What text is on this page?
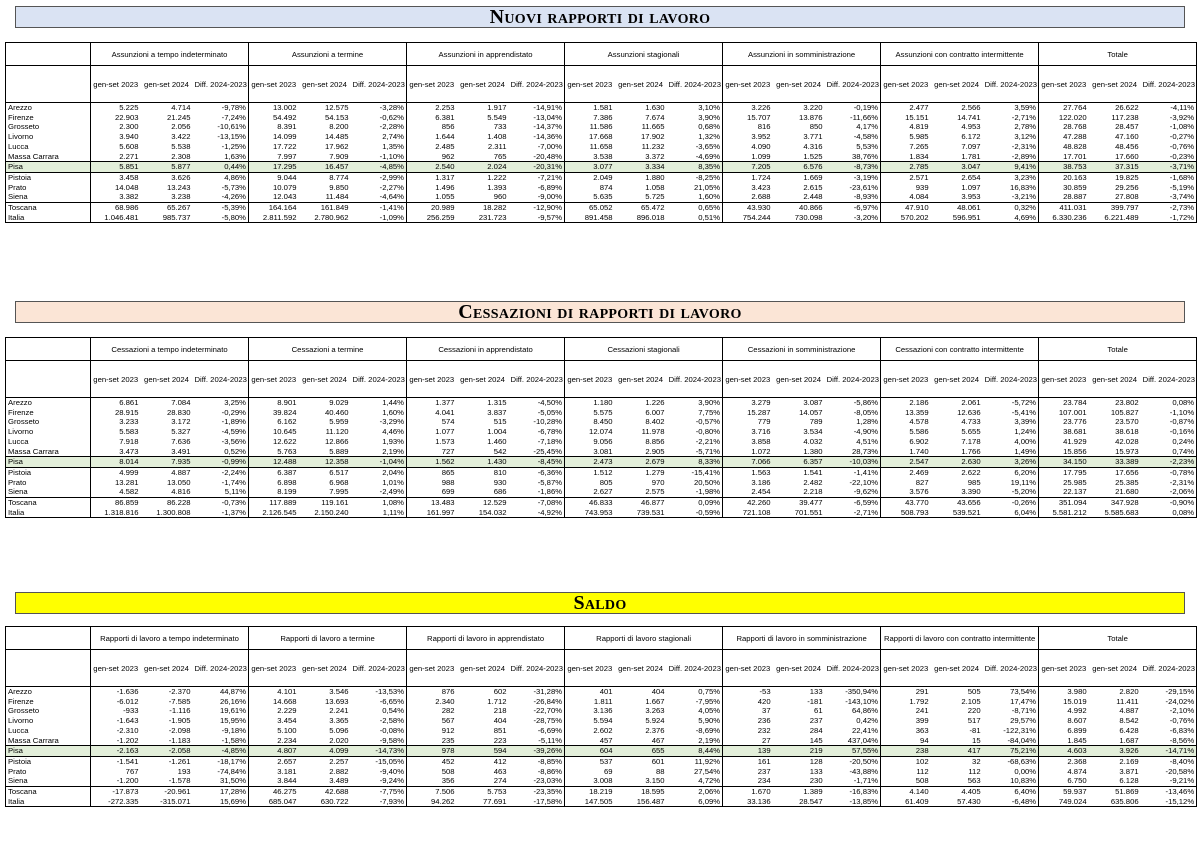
Nuovi rapporti di lavoro
	Assunzioni a tempo indeterminato			Assunzioni a termine			Assunzioni in apprendistato			Assunzioni stagionali			Assunzioni in somministrazione			Assunzioni con contratto intermittente			Totale		
	gen-set 2023	gen-set 2024	Diff. 2024-2023	gen-set 2023	gen-set 2024	Diff. 2024-2023	gen-set 2023	gen-set 2024	Diff. 2024-2023	gen-set 2023	gen-set 2024	Diff. 2024-2023	gen-set 2023	gen-set 2024	Diff. 2024-2023	gen-set 2023	gen-set 2024	Diff. 2024-2023	gen-set 2023	gen-set 2024	Diff. 2024-2023
Arezzo	5.225	4.714	-9,78%	13.002	12.575	-3,28%	2.253	1.917	-14,91%	1.581	1.630	3,10%	3.226	3.220	-0,19%	2.477	2.566	3,59%	27.764	26.622	-4,11%
Firenze	22.903	21.245	-7,24%	54.492	54.153	-0,62%	6.381	5.549	-13,04%	7.386	7.674	3,90%	15.707	13.876	-11,66%	15.151	14.741	-2,71%	122.020	117.238	-3,92%
Grosseto	2.300	2.056	-10,61%	8.391	8.200	-2,28%	856	733	-14,37%	11.586	11.665	0,68%	816	850	4,17%	4.819	4.953	2,78%	28.768	28.457	-1,08%
Livorno	3.940	3.422	-13,15%	14.099	14.485	2,74%	1.644	1.408	-14,36%	17.668	17.902	1,32%	3.952	3.771	-4,58%	5.985	6.172	3,12%	47.288	47.160	-0,27%
Lucca	5.608	5.538	-1,25%	17.722	17.962	1,35%	2.485	2.311	-7,00%	11.658	11.232	-3,65%	4.090	4.316	5,53%	7.265	7.097	-2,31%	48.828	48.456	-0,76%
Massa Carrara	2.271	2.308	1,63%	7.997	7.909	-1,10%	962	765	-20,48%	3.538	3.372	-4,69%	1.099	1.525	38,76%	1.834	1.781	-2,89%	17.701	17.660	-0,23%
Pisa	5.851	5.877	0,44%	17.295	16.457	-4,85%	2.540	2.024	-20,31%	3.077	3.334	8,35%	7.205	6.576	-8,73%	2.785	3.047	9,41%	38.753	37.315	-3,71%
Pistoia	3.458	3.626	4,86%	9.044	8.774	-2,99%	1.317	1.222	-7,21%	2.049	1.880	-8,25%	1.724	1.669	-3,19%	2.571	2.654	3,23%	20.163	19.825	-1,68%
Prato	14.048	13.243	-5,73%	10.079	9.850	-2,27%	1.496	1.393	-6,89%	874	1.058	21,05%	3.423	2.615	-23,61%	939	1.097	16,83%	30.859	29.256	-5,19%
Siena	3.382	3.238	-4,26%	12.043	11.484	-4,64%	1.055	960	-9,00%	5.635	5.725	1,60%	2.688	2.448	-8,93%	4.084	3.953	-3,21%	28.887	27.808	-3,74%
Toscana	68.986	65.267	-5,39%	164.164	161.849	-1,41%	20.989	18.282	-12,90%	65.052	65.472	0,65%	43.930	40.866	-6,97%	47.910	48.061	0,32%	411.031	399.797	-2,73%
Italia	1.046.481	985.737	-5,80%	2.811.592	2.780.962	-1,09%	256.259	231.723	-9,57%	891.458	896.018	0,51%	754.244	730.098	-3,20%	570.202	596.951	4,69%	6.330.236	6.221.489	-1,72%
Cessazioni di rapporti di lavoro
	Cessazioni a tempo indeterminato			Cessazioni a termine			Cessazioni in apprendistato			Cessazioni stagionali			Cessazioni in somministrazione			Cessazioni con contratto intermittente			Totale		
	gen-set 2023	gen-set 2024	Diff. 2024-2023	gen-set 2023	gen-set 2024	Diff. 2024-2023	gen-set 2023	gen-set 2024	Diff. 2024-2023	gen-set 2023	gen-set 2024	Diff. 2024-2023	gen-set 2023	gen-set 2024	Diff. 2024-2023	gen-set 2023	gen-set 2024	Diff. 2024-2023	gen-set 2023	gen-set 2024	Diff. 2024-2023
Arezzo	6.861	7.084	3,25%	8.901	9.029	1,44%	1.377	1.315	-4,50%	1.180	1.226	3,90%	3.279	3.087	-5,86%	2.186	2.061	-5,72%	23.784	23.802	0,08%
Firenze	28.915	28.830	-0,29%	39.824	40.460	1,60%	4.041	3.837	-5,05%	5.575	6.007	7,75%	15.287	14.057	-8,05%	13.359	12.636	-5,41%	107.001	105.827	-1,10%
Grosseto	3.233	3.172	-1,89%	6.162	5.959	-3,29%	574	515	-10,28%	8.450	8.402	-0,57%	779	789	1,28%	4.578	4.733	3,39%	23.776	23.570	-0,87%
Livorno	5.583	5.327	-4,59%	10.645	11.120	4,46%	1.077	1.004	-6,78%	12.074	11.978	-0,80%	3.716	3.534	-4,90%	5.586	5.655	1,24%	38.681	38.618	-0,16%
Lucca	7.918	7.636	-3,56%	12.622	12.866	1,93%	1.573	1.460	-7,18%	9.056	8.856	-2,21%	3.858	4.032	4,51%	6.902	7.178	4,00%	41.929	42.028	0,24%
Massa Carrara	3.473	3.491	0,52%	5.763	5.889	2,19%	727	542	-25,45%	3.081	2.905	-5,71%	1.072	1.380	28,73%	1.740	1.766	1,49%	15.856	15.973	0,74%
Pisa	8.014	7.935	-0,99%	12.488	12.358	-1,04%	1.562	1.430	-8,45%	2.473	2.679	8,33%	7.066	6.357	-10,03%	2.547	2.630	3,26%	34.150	33.389	-2,23%
Pistoia	4.999	4.887	-2,24%	6.387	6.517	2,04%	865	810	-6,36%	1.512	1.279	-15,41%	1.563	1.541	-1,41%	2.469	2.622	6,20%	17.795	17.656	-0,78%
Prato	13.281	13.050	-1,74%	6.898	6.968	1,01%	988	930	-5,87%	805	970	20,50%	3.186	2.482	-22,10%	827	985	19,11%	25.985	25.385	-2,31%
Siena	4.582	4.816	5,11%	8.199	7.995	-2,49%	699	686	-1,86%	2.627	2.575	-1,98%	2.454	2.218	-9,62%	3.576	3.390	-5,20%	22.137	21.680	-2,06%
Toscana	86.859	86.228	-0,73%	117.889	119.161	1,08%	13.483	12.529	-7,08%	46.833	46.877	0,09%	42.260	39.477	-6,59%	43.770	43.656	-0,26%	351.094	347.928	-0,90%
Italia	1.318.816	1.300.808	-1,37%	2.126.545	2.150.240	1,11%	161.997	154.032	-4,92%	743.953	739.531	-0,59%	721.108	701.551	-2,71%	508.793	539.521	6,04%	5.581.212	5.585.683	0,08%
Saldo
	Rapporti di lavoro a tempo indeterminato			Rapporti di lavoro a termine			Rapporti di lavoro in apprendistato			Rapporti di lavoro stagionali			Rapporti di lavoro in somministrazione			Rapporti di lavoro con contratto intermittente			Totale		
	gen-set 2023	gen-set 2024	Diff. 2024-2023	gen-set 2023	gen-set 2024	Diff. 2024-2023	gen-set 2023	gen-set 2024	Diff. 2024-2023	gen-set 2023	gen-set 2024	Diff. 2024-2023	gen-set 2023	gen-set 2024	Diff. 2024-2023	gen-set 2023	gen-set 2024	Diff. 2024-2023	gen-set 2023	gen-set 2024	Diff. 2024-2023
Arezzo	-1.636	-2.370	44,87%	4.101	3.546	-13,53%	876	602	-31,28%	401	404	0,75%	-53	133	-350,94%	291	505	73,54%	3.980	2.820	-29,15%
Firenze	-6.012	-7.585	26,16%	14.668	13.693	-6,65%	2.340	1.712	-26,84%	1.811	1.667	-7,95%	420	-181	-143,10%	1.792	2.105	17,47%	15.019	11.411	-24,02%
Grosseto	-933	-1.116	19,61%	2.229	2.241	0,54%	282	218	-22,70%	3.136	3.263	4,05%	37	61	64,86%	241	220	-8,71%	4.992	4.887	-2,10%
Livorno	-1.643	-1.905	15,95%	3.454	3.365	-2,58%	567	404	-28,75%	5.594	5.924	5,90%	236	237	0,42%	399	517	29,57%	8.607	8.542	-0,76%
Lucca	-2.310	-2.098	-9,18%	5.100	5.096	-0,08%	912	851	-6,69%	2.602	2.376	-8,69%	232	284	22,41%	363	-81	-122,31%	6.899	6.428	-6,83%
Massa Carrara	-1.202	-1.183	-1,58%	2.234	2.020	-9,58%	235	223	-5,11%	457	467	2,19%	27	145	437,04%	94	15	-84,04%	1.845	1.687	-8,56%
Pisa	-2.163	-2.058	-4,85%	4.807	4.099	-14,73%	978	594	-39,26%	604	655	8,44%	139	219	57,55%	238	417	75,21%	4.603	3.926	-14,71%
Pistoia	-1.541	-1.261	-18,17%	2.657	2.257	-15,05%	452	412	-8,85%	537	601	11,92%	161	128	-20,50%	102	32	-68,63%	2.368	2.169	-8,40%
Prato	767	193	-74,84%	3.181	2.882	-9,40%	508	463	-8,86%	69	88	27,54%	237	133	-43,88%	112	112	0,00%	4.874	3.871	-20,58%
Siena	-1.200	-1.578	31,50%	3.844	3.489	-9,24%	356	274	-23,03%	3.008	3.150	4,72%	234	230	-1,71%	508	563	10,83%	6.750	6.128	-9,21%
Toscana	-17.873	-20.961	17,28%	46.275	42.688	-7,75%	7.506	5.753	-23,35%	18.219	18.595	2,06%	1.670	1.389	-16,83%	4.140	4.405	6,40%	59.937	51.869	-13,46%
Italia	-272.335	-315.071	15,69%	685.047	630.722	-7,93%	94.262	77.691	-17,58%	147.505	156.487	6,09%	33.136	28.547	-13,85%	61.409	57.430	-6,48%	749.024	635.806	-15,12%
